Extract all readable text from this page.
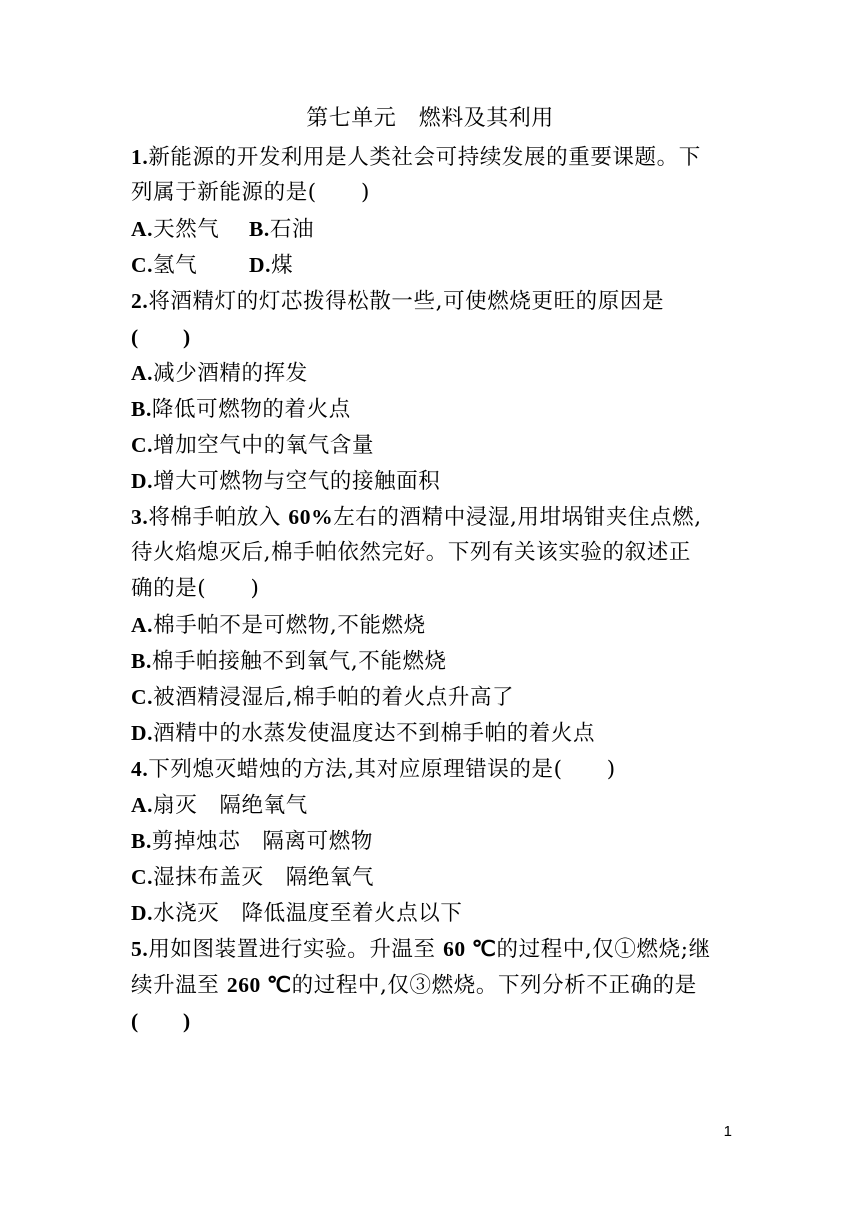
第七单元　燃料及其利用
1.新能源的开发利用是人类社会可持续发展的重要课题。下
列属于新能源的是(　　)
A.天然气　 B.石油
C.氢气　　 D.煤
2.将酒精灯的灯芯拨得松散一些,可使燃烧更旺的原因是
(　　)
A.减少酒精的挥发
B.降低可燃物的着火点
C.增加空气中的氧气含量
D.增大可燃物与空气的接触面积
3.将棉手帕放入 60%左右的酒精中浸湿,用坩埚钳夹住点燃,
待火焰熄灭后,棉手帕依然完好。下列有关该实验的叙述正
确的是(　　)
A.棉手帕不是可燃物,不能燃烧
B.棉手帕接触不到氧气,不能燃烧
C.被酒精浸湿后,棉手帕的着火点升高了
D.酒精中的水蒸发使温度达不到棉手帕的着火点
4.下列熄灭蜡烛的方法,其对应原理错误的是(　　)
A.扇灭　隔绝氧气
B.剪掉烛芯　隔离可燃物
C.湿抹布盖灭　隔绝氧气
D.水浇灭　降低温度至着火点以下
5.用如图装置进行实验。升温至 60 ℃的过程中,仅①燃烧;继
续升温至 260 ℃的过程中,仅③燃烧。下列分析不正确的是
(　　)
1
